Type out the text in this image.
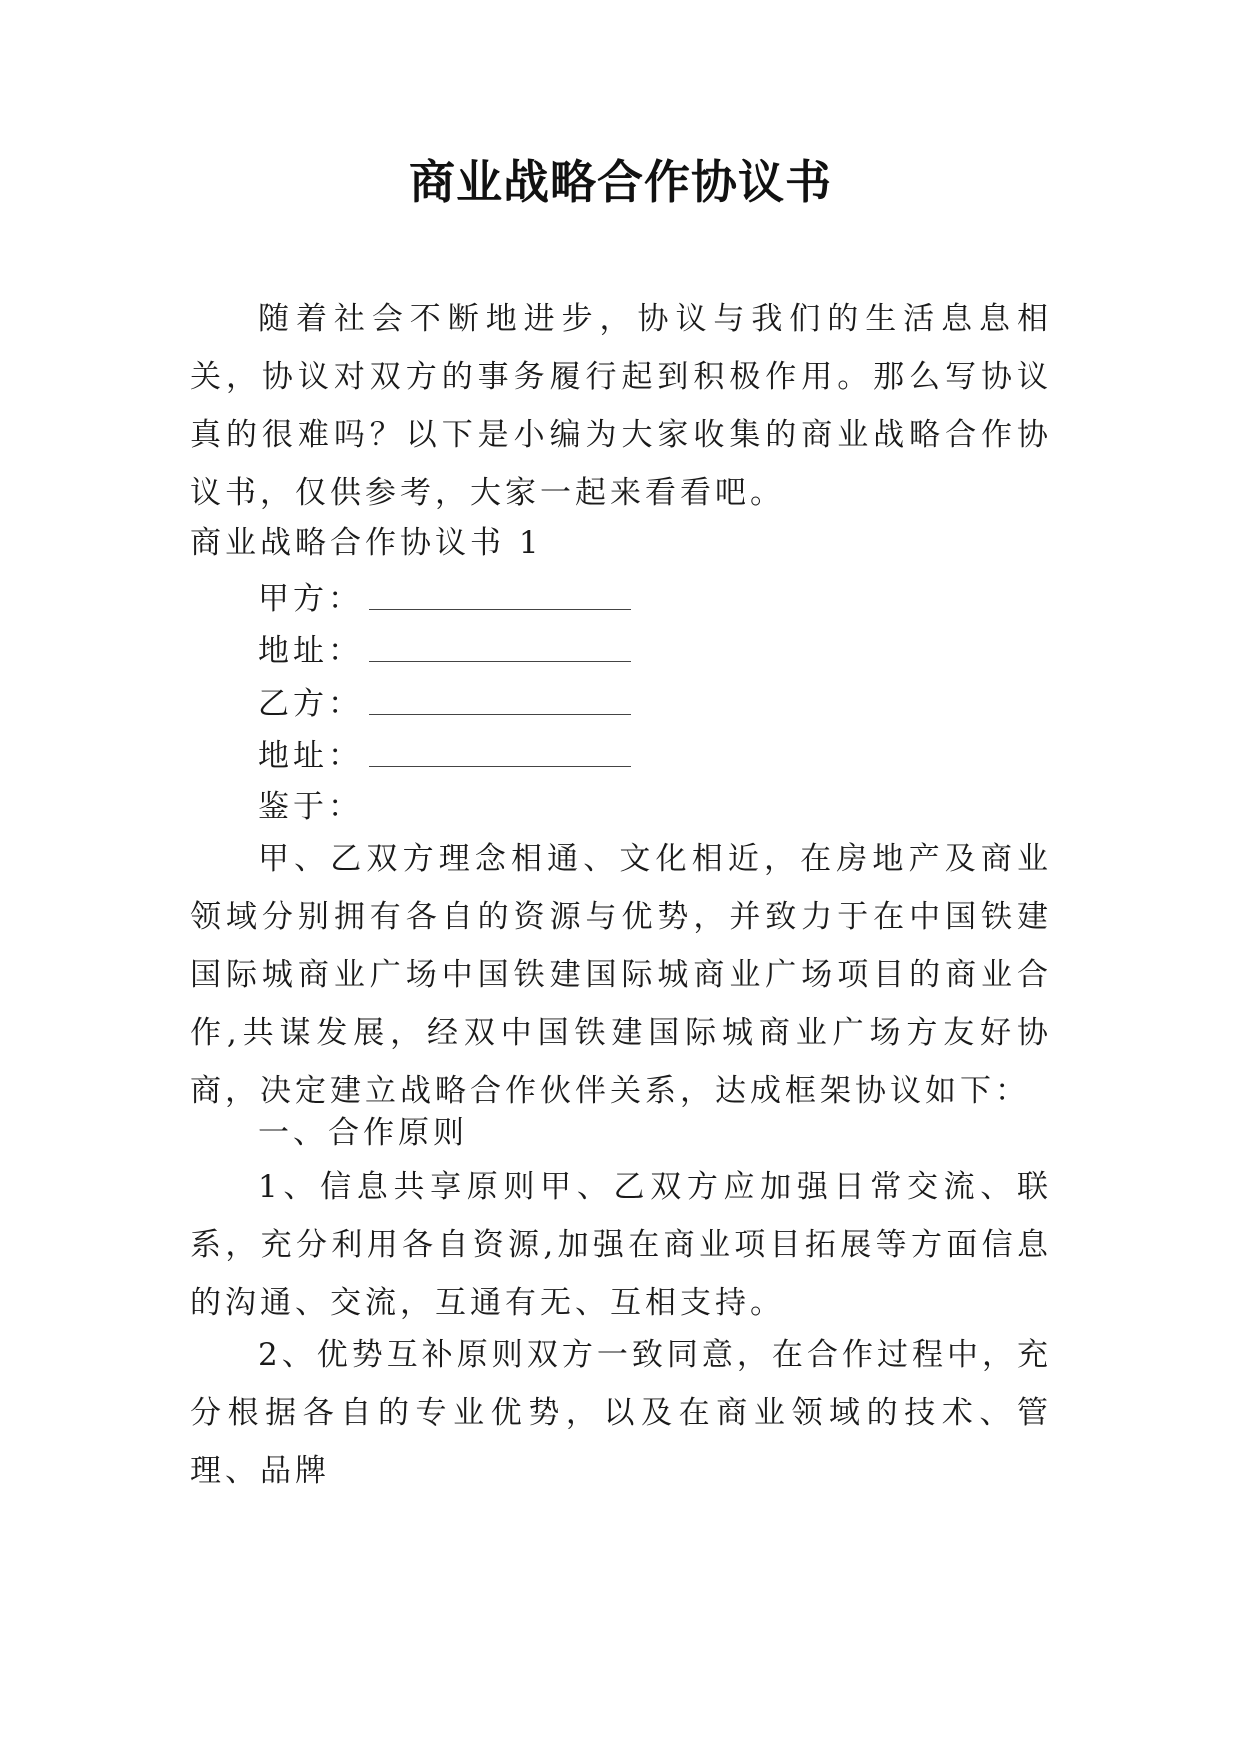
商业战略合作协议书
随着社会不断地进步，协议与我们的生活息息相关，协议对双方的事务履行起到积极作用。那么写协议真的很难吗？以下是小编为大家收集的商业战略合作协议书，仅供参考，大家一起来看看吧。
商业战略合作协议书 1
甲方：
地址：
乙方：
地址：
鉴于：
甲、乙双方理念相通、文化相近，在房地产及商业领域分别拥有各自的资源与优势，并致力于在中国铁建国际城商业广场中国铁建国际城商业广场项目的商业合作,共谋发展，经双中国铁建国际城商业广场方友好协商，决定建立战略合作伙伴关系，达成框架协议如下：
一、合作原则
1、信息共享原则甲、乙双方应加强日常交流、联系，充分利用各自资源,加强在商业项目拓展等方面信息的沟通、交流，互通有无、互相支持。
2、优势互补原则双方一致同意，在合作过程中，充分根据各自的专业优势，以及在商业领域的技术、管理、品牌
